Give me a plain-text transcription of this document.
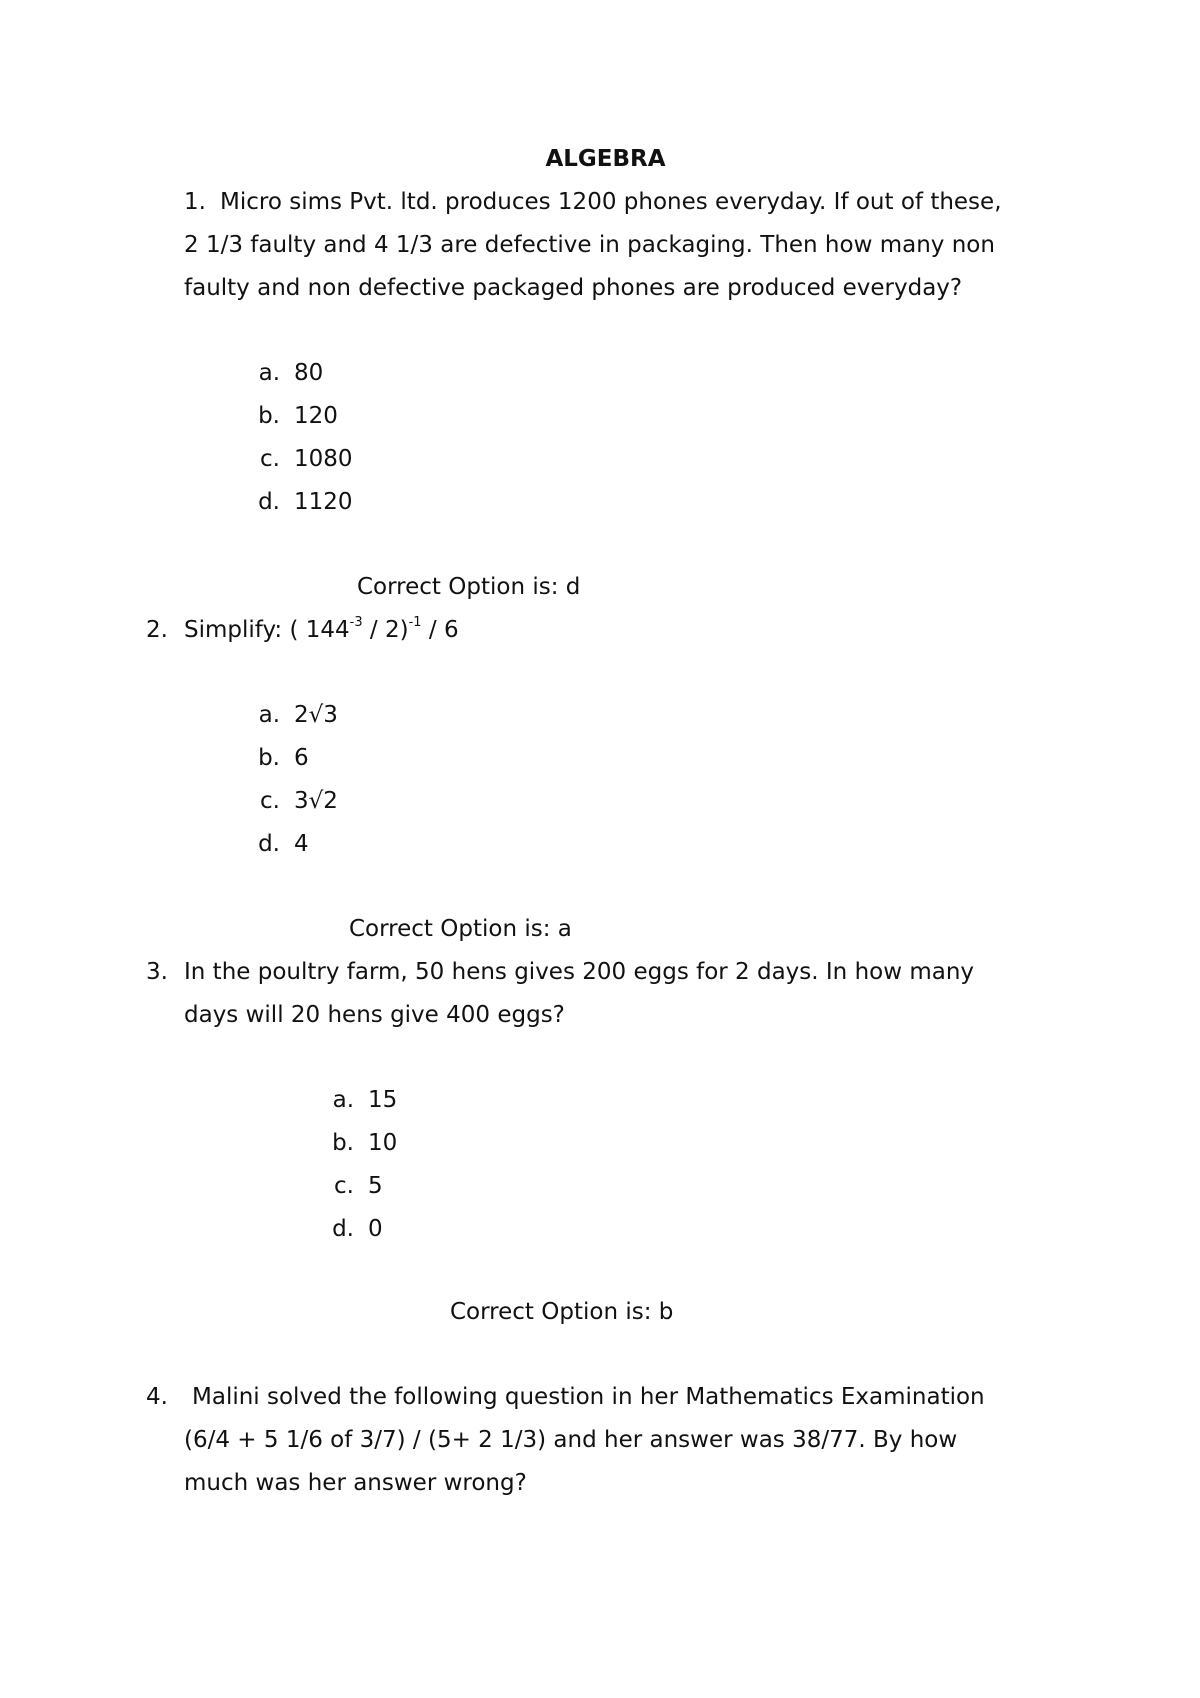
ALGEBRA
1. Micro sims Pvt. ltd. produces 1200 phones everyday. If out of these,
2 1/3 faulty and 4 1/3 are defective in packaging. Then how many non
faulty and non defective packaged phones are produced everyday?
a. 80
b. 120
c. 1080
d. 1120
Correct Option is: d
2. Simplify: ( $144^{-3} / 2)^{-1} / 6$
a. 2√3
b. 6
c. 3√2
d. 4
Correct Option is: a
3. In the poultry farm, 50 hens gives 200 eggs for 2 days. In how many
days will 20 hens give 400 eggs?
a. 15
b. 10
c. 5
d. 0
Correct Option is: b
4. Malini solved the following question in her Mathematics Examination
(6/4 + 5 1/6 of 3/7) / (5+ 2 1/3) and her answer was 38/77. By how
much was her answer wrong?
